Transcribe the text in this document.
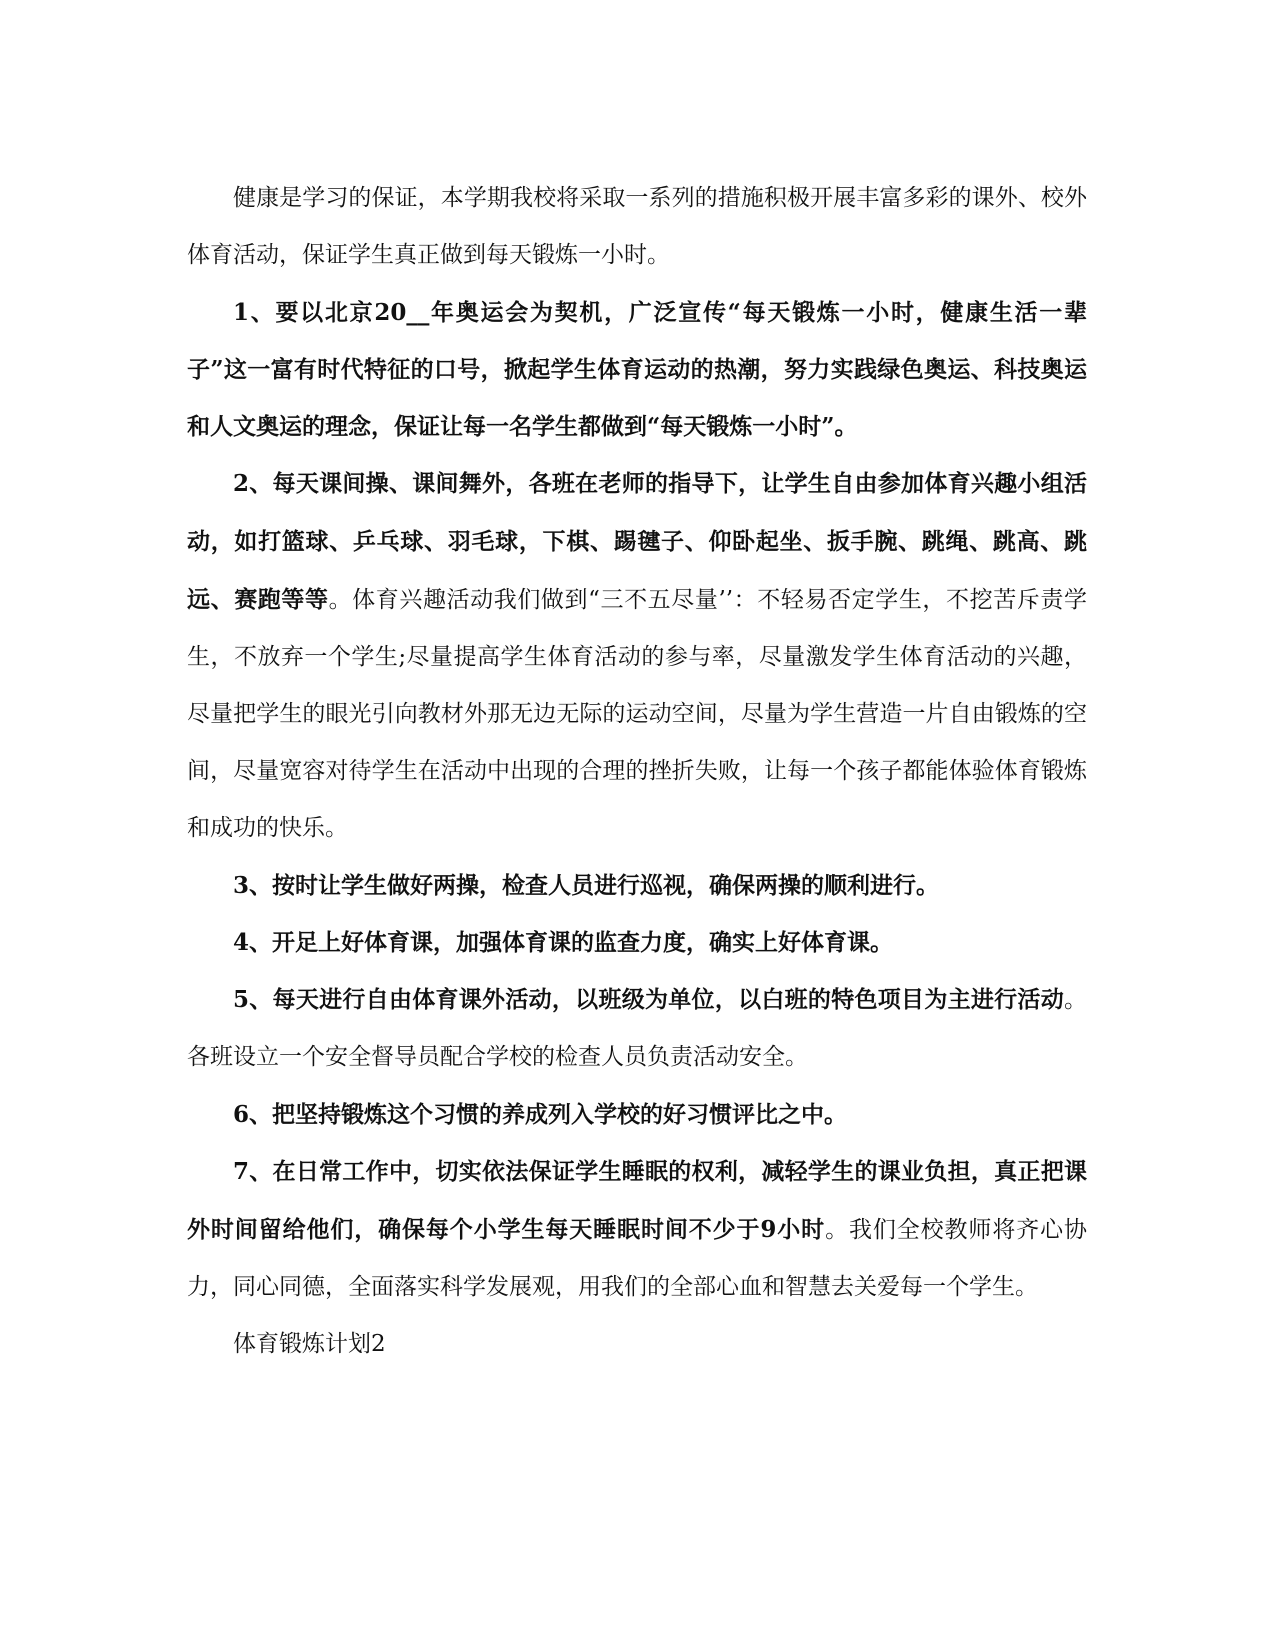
健康是学习的保证，本学期我校将采取一系列的措施积极开展丰富多彩的课外、校外体育活动，保证学生真正做到每天锻炼一小时。

1、要以北京20__年奥运会为契机，广泛宣传“每天锻炼一小时，健康生活一辈子”这一富有时代特征的口号，掀起学生体育运动的热潮，努力实践绿色奥运、科技奥运和人文奥运的理念，保证让每一名学生都做到“每天锻炼一小时”。

2、每天课间操、课间舞外，各班在老师的指导下，让学生自由参加体育兴趣小组活动，如打篮球、乒乓球、羽毛球，下棋、踢毽子、仰卧起坐、扳手腕、跳绳、跳高、跳远、赛跑等等。体育兴趣活动我们做到“三不五尽量’’：不轻易否定学生，不挖苦斥责学生，不放弃一个学生;尽量提高学生体育活动的参与率，尽量激发学生体育活动的兴趣，尽量把学生的眼光引向教材外那无边无际的运动空间，尽量为学生营造一片自由锻炼的空间，尽量宽容对待学生在活动中出现的合理的挫折失败，让每一个孩子都能体验体育锻炼和成功的快乐。

3、按时让学生做好两操，检查人员进行巡视，确保两操的顺利进行。

4、开足上好体育课，加强体育课的监查力度，确实上好体育课。

5、每天进行自由体育课外活动，以班级为单位，以白班的特色项目为主进行活动。各班设立一个安全督导员配合学校的检查人员负责活动安全。

6、把坚持锻炼这个习惯的养成列入学校的好习惯评比之中。

7、在日常工作中，切实依法保证学生睡眠的权利，减轻学生的课业负担，真正把课外时间留给他们，确保每个小学生每天睡眠时间不少于9小时。我们全校教师将齐心协力，同心同德，全面落实科学发展观，用我们的全部心血和智慧去关爱每一个学生。

体育锻炼计划2
